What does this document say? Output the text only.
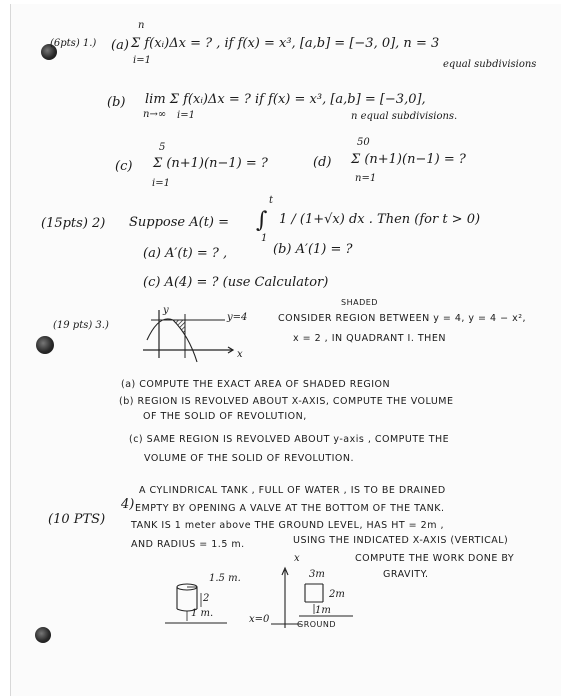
(6pts) 1.) (a)
n
i=1
Σ f(xᵢ)Δx = ? , if f(x) = x³, [a,b] = [−3, 0], n = 3
equal subdivisions
(b) lim Σ f(xᵢ)Δx = ? if f(x) = x³, [a,b] = [−3,0],
n→∞ i=1	n equal subdivisions.
(c)
5
i=1
Σ (n+1)(n−1) = ?	(d)
50
n=1
Σ (n+1)(n−1) = ?
(15pts) 2) Suppose A(t) = ∫
t
1
1 / (1+√x) dx . Then (for t > 0)
(a) A′(t) = ? ,	(b) A′(1) = ?
(c) A(4) = ? (use Calculator)
(19 pts) 3.)
y
y=4
x
SHADED
CONSIDER REGION BETWEEN y = 4, y = 4 − x²,
x = 2 , IN QUADRANT I. THEN
(a) COMPUTE THE EXACT AREA OF SHADED REGION
(b) REGION IS REVOLVED ABOUT X-AXIS, COMPUTE THE VOLUME
OF THE SOLID OF REVOLUTION,
(c) SAME REGION IS REVOLVED ABOUT y-axis , COMPUTE THE
VOLUME OF THE SOLID OF REVOLUTION.
(10 PTS)
4)
A CYLINDRICAL TANK , FULL OF WATER , IS TO BE DRAINED
EMPTY BY OPENING A VALVE AT THE BOTTOM OF THE TANK.
TANK IS 1 meter above THE GROUND LEVEL, HAS HT = 2m ,
AND RADIUS = 1.5 m.	USING THE INDICATED X-AXIS (VERTICAL)
COMPUTE THE WORK DONE BY
GRAVITY.
1.5 m.
2
1 m.
x
3m
2m
1m
GROUND
x=0
